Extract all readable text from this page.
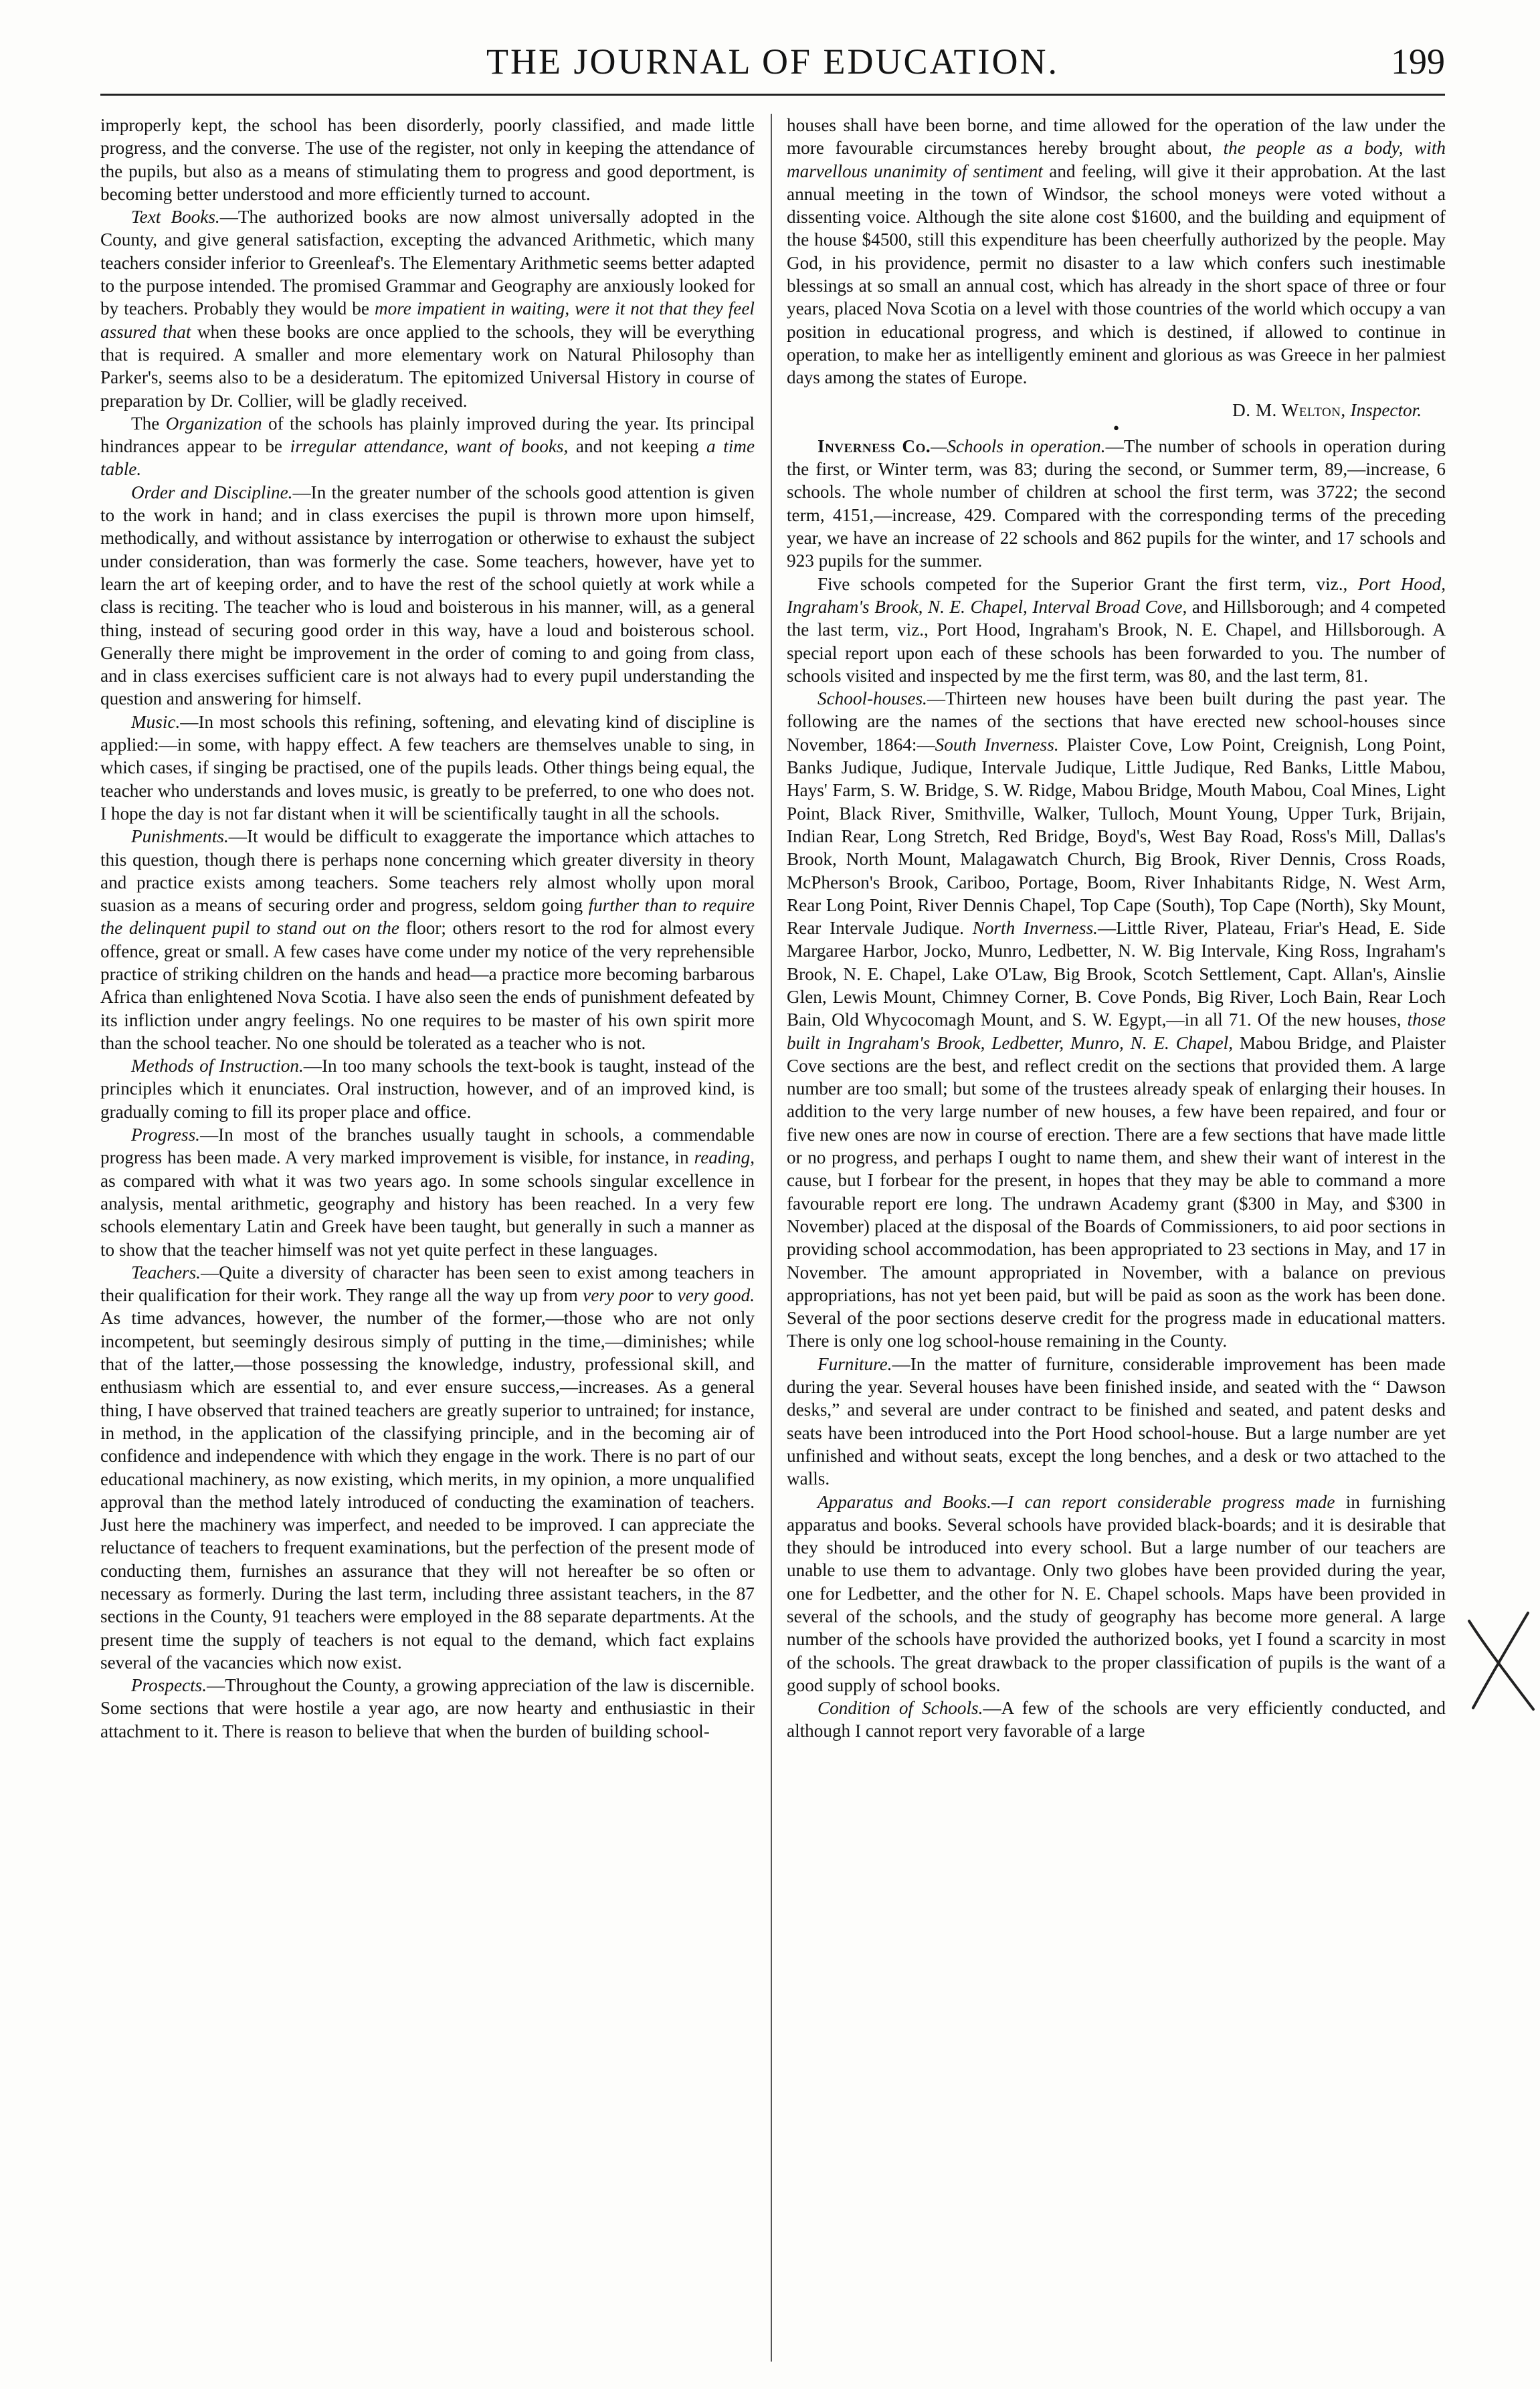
THE JOURNAL OF EDUCATION.	199

improperly kept, the school has been disorderly, poorly classified, and made little progress, and the converse. The use of the register, not only in keeping the attendance of the pupils, but also as a means of stimulating them to progress and good deportment, is becoming better understood and more efficiently turned to account.

Text Books.—The authorized books are now almost universally adopted in the County, and give general satisfaction, excepting the advanced Arithmetic, which many teachers consider inferior to Greenleaf's. The Elementary Arithmetic seems better adapted to the purpose intended. The promised Grammar and Geography are anxiously looked for by teachers. Probably they would be more impatient in waiting, were it not that they feel assured that when these books are once applied to the schools, they will be everything that is required. A smaller and more elementary work on Natural Philosophy than Parker's, seems also to be a desideratum. The epitomized Universal History in course of preparation by Dr. Collier, will be gladly received.

The Organization of the schools has plainly improved during the year. Its principal hindrances appear to be irregular attendance, want of books, and not keeping a time table.

Order and Discipline.—In the greater number of the schools good attention is given to the work in hand; and in class exercises the pupil is thrown more upon himself, methodically, and without assistance by interrogation or otherwise to exhaust the subject under consideration, than was formerly the case. Some teachers, however, have yet to learn the art of keeping order, and to have the rest of the school quietly at work while a class is reciting. The teacher who is loud and boisterous in his manner, will, as a general thing, instead of securing good order in this way, have a loud and boisterous school. Generally there might be improvement in the order of coming to and going from class, and in class exercises sufficient care is not always had to every pupil understanding the question and answering for himself.

Music.—In most schools this refining, softening, and elevating kind of discipline is applied:—in some, with happy effect. A few teachers are themselves unable to sing, in which cases, if singing be practised, one of the pupils leads. Other things being equal, the teacher who understands and loves music, is greatly to be preferred, to one who does not. I hope the day is not far distant when it will be scientifically taught in all the schools.

Punishments.—It would be difficult to exaggerate the importance which attaches to this question, though there is perhaps none concerning which greater diversity in theory and practice exists among teachers. Some teachers rely almost wholly upon moral suasion as a means of securing order and progress, seldom going further than to require the delinquent pupil to stand out on the floor; others resort to the rod for almost every offence, great or small. A few cases have come under my notice of the very reprehensible practice of striking children on the hands and head—a practice more becoming barbarous Africa than enlightened Nova Scotia. I have also seen the ends of punishment defeated by its infliction under angry feelings. No one requires to be master of his own spirit more than the school teacher. No one should be tolerated as a teacher who is not.

Methods of Instruction.—In too many schools the text-book is taught, instead of the principles which it enunciates. Oral instruction, however, and of an improved kind, is gradually coming to fill its proper place and office.

Progress.—In most of the branches usually taught in schools, a commendable progress has been made. A very marked improvement is visible, for instance, in reading, as compared with what it was two years ago. In some schools singular excellence in analysis, mental arithmetic, geography and history has been reached. In a very few schools elementary Latin and Greek have been taught, but generally in such a manner as to show that the teacher himself was not yet quite perfect in these languages.

Teachers.—Quite a diversity of character has been seen to exist among teachers in their qualification for their work. They range all the way up from very poor to very good. As time advances, however, the number of the former,—those who are not only incompetent, but seemingly desirous simply of putting in the time,—diminishes; while that of the latter,—those possessing the knowledge, industry, professional skill, and enthusiasm which are essential to, and ever ensure success,—increases. As a general thing, I have observed that trained teachers are greatly superior to untrained; for instance, in method, in the application of the classifying principle, and in the becoming air of confidence and independence with which they engage in the work. There is no part of our educational machinery, as now existing, which merits, in my opinion, a more unqualified approval than the method lately introduced of conducting the examination of teachers. Just here the machinery was imperfect, and needed to be improved. I can appreciate the reluctance of teachers to frequent examinations, but the perfection of the present mode of conducting them, furnishes an assurance that they will not hereafter be so often or necessary as formerly. During the last term, including three assistant teachers, in the 87 sections in the County, 91 teachers were employed in the 88 separate departments. At the present time the supply of teachers is not equal to the demand, which fact explains several of the vacancies which now exist.

Prospects.—Throughout the County, a growing appreciation of the law is discernible. Some sections that were hostile a year ago, are now hearty and enthusiastic in their attachment to it. There is reason to believe that when the burden of building school-

houses shall have been borne, and time allowed for the operation of the law under the more favourable circumstances hereby brought about, the people as a body, with marvellous unanimity of sentiment and feeling, will give it their approbation. At the last annual meeting in the town of Windsor, the school moneys were voted without a dissenting voice. Although the site alone cost $1600, and the building and equipment of the house $4500, still this expenditure has been cheerfully authorized by the people. May God, in his providence, permit no disaster to a law which confers such inestimable blessings at so small an annual cost, which has already in the short space of three or four years, placed Nova Scotia on a level with those countries of the world which occupy a van position in educational progress, and which is destined, if allowed to continue in operation, to make her as intelligently eminent and glorious as was Greece in her palmiest days among the states of Europe.

D. M. Welton, Inspector.

•

Inverness Co.—Schools in operation.—The number of schools in operation during the first, or Winter term, was 83; during the second, or Summer term, 89,—increase, 6 schools. The whole number of children at school the first term, was 3722; the second term, 4151,—increase, 429. Compared with the corresponding terms of the preceding year, we have an increase of 22 schools and 862 pupils for the winter, and 17 schools and 923 pupils for the summer.

Five schools competed for the Superior Grant the first term, viz., Port Hood, Ingraham's Brook, N. E. Chapel, Interval Broad Cove, and Hillsborough; and 4 competed the last term, viz., Port Hood, Ingraham's Brook, N. E. Chapel, and Hillsborough. A special report upon each of these schools has been forwarded to you. The number of schools visited and inspected by me the first term, was 80, and the last term, 81.

School-houses.—Thirteen new houses have been built during the past year. The following are the names of the sections that have erected new school-houses since November, 1864:—South Inverness. Plaister Cove, Low Point, Creignish, Long Point, Banks Judique, Judique, Intervale Judique, Little Judique, Red Banks, Little Mabou, Hays' Farm, S. W. Bridge, S. W. Ridge, Mabou Bridge, Mouth Mabou, Coal Mines, Light Point, Black River, Smithville, Walker, Tulloch, Mount Young, Upper Turk, Brijain, Indian Rear, Long Stretch, Red Bridge, Boyd's, West Bay Road, Ross's Mill, Dallas's Brook, North Mount, Malagawatch Church, Big Brook, River Dennis, Cross Roads, McPherson's Brook, Cariboo, Portage, Boom, River Inhabitants Ridge, N. West Arm, Rear Long Point, River Dennis Chapel, Top Cape (South), Top Cape (North), Sky Mount, Rear Intervale Judique. North Inverness.—Little River, Plateau, Friar's Head, E. Side Margaree Harbor, Jocko, Munro, Ledbetter, N. W. Big Intervale, King Ross, Ingraham's Brook, N. E. Chapel, Lake O'Law, Big Brook, Scotch Settlement, Capt. Allan's, Ainslie Glen, Lewis Mount, Chimney Corner, B. Cove Ponds, Big River, Loch Bain, Rear Loch Bain, Old Whycocomagh Mount, and S. W. Egypt,—in all 71. Of the new houses, those built in Ingraham's Brook, Ledbetter, Munro, N. E. Chapel, Mabou Bridge, and Plaister Cove sections are the best, and reflect credit on the sections that provided them. A large number are too small; but some of the trustees already speak of enlarging their houses. In addition to the very large number of new houses, a few have been repaired, and four or five new ones are now in course of erection. There are a few sections that have made little or no progress, and perhaps I ought to name them, and shew their want of interest in the cause, but I forbear for the present, in hopes that they may be able to command a more favourable report ere long. The undrawn Academy grant ($300 in May, and $300 in November) placed at the disposal of the Boards of Commissioners, to aid poor sections in providing school accommodation, has been appropriated to 23 sections in May, and 17 in November. The amount appropriated in November, with a balance on previous appropriations, has not yet been paid, but will be paid as soon as the work has been done. Several of the poor sections deserve credit for the progress made in educational matters. There is only one log school-house remaining in the County.

Furniture.—In the matter of furniture, considerable improvement has been made during the year. Several houses have been finished inside, and seated with the “ Dawson desks,” and several are under contract to be finished and seated, and patent desks and seats have been introduced into the Port Hood school-house. But a large number are yet unfinished and without seats, except the long benches, and a desk or two attached to the walls.

Apparatus and Books.—I can report considerable progress made in furnishing apparatus and books. Several schools have provided black-boards; and it is desirable that they should be introduced into every school. But a large number of our teachers are unable to use them to advantage. Only two globes have been provided during the year, one for Ledbetter, and the other for N. E. Chapel schools. Maps have been provided in several of the schools, and the study of geography has become more general. A large number of the schools have provided the authorized books, yet I found a scarcity in most of the schools. The great drawback to the proper classification of pupils is the want of a good supply of school books.

Condition of Schools.—A few of the schools are very efficiently conducted, and although I cannot report very favorable of a large
